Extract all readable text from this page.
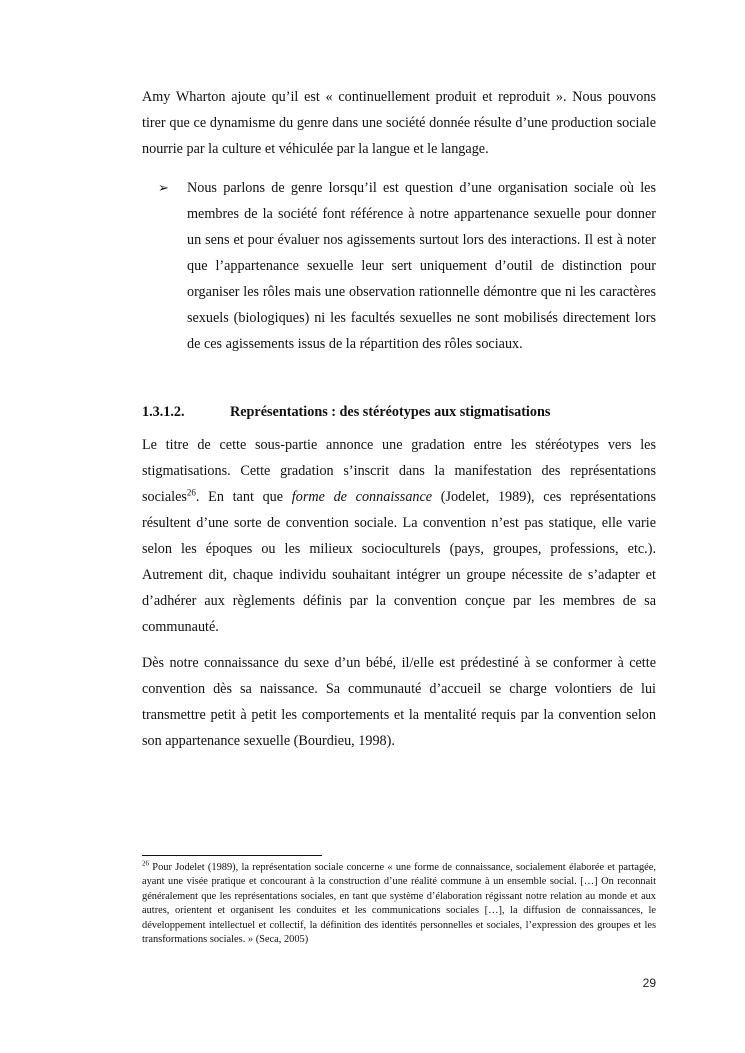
Amy Wharton ajoute qu’il est « continuellement produit et reproduit ». Nous pouvons tirer que ce dynamisme du genre dans une société donnée résulte d’une production sociale nourrie par la culture et véhiculée par la langue et le langage.

➢ Nous parlons de genre lorsqu’il est question d’une organisation sociale où les membres de la société font référence à notre appartenance sexuelle pour donner un sens et pour évaluer nos agissements surtout lors des interactions. Il est à noter que l’appartenance sexuelle leur sert uniquement d’outil de distinction pour organiser les rôles mais une observation rationnelle démontre que ni les caractères sexuels (biologiques) ni les facultés sexuelles ne sont mobilisés directement lors de ces agissements issus de la répartition des rôles sociaux.
1.3.1.2.	Représentations : des stéréotypes aux stigmatisations

Le titre de cette sous-partie annonce une gradation entre les stéréotypes vers les stigmatisations. Cette gradation s’inscrit dans la manifestation des représentations sociales$^{26}$. En tant que forme de connaissance (Jodelet, 1989), ces représentations résultent d’une sorte de convention sociale. La convention n’est pas statique, elle varie selon les époques ou les milieux socioculturels (pays, groupes, professions, etc.). Autrement dit, chaque individu souhaitant intégrer un groupe nécessite de s’adapter et d’adhérer aux règlements définis par la convention conçue par les membres de sa communauté.

Dès notre connaissance du sexe d’un bébé, il/elle est prédestiné à se conformer à cette convention dès sa naissance. Sa communauté d’accueil se charge volontiers de lui transmettre petit à petit les comportements et la mentalité requis par la convention selon son appartenance sexuelle (Bourdieu, 1998).

$^{26}$ Pour Jodelet (1989), la représentation sociale concerne « une forme de connaissance, socialement élaborée et partagée, ayant une visée pratique et concourant à la construction d’une réalité commune à un ensemble social. […] On reconnait généralement que les représentations sociales, en tant que système d’élaboration régissant notre relation au monde et aux autres, orientent et organisent les conduites et les communications sociales […], la diffusion de connaissances, le développement intellectuel et collectif, la définition des identités personnelles et sociales, l’expression des groupes et les transformations sociales. » (Seca, 2005)

29
